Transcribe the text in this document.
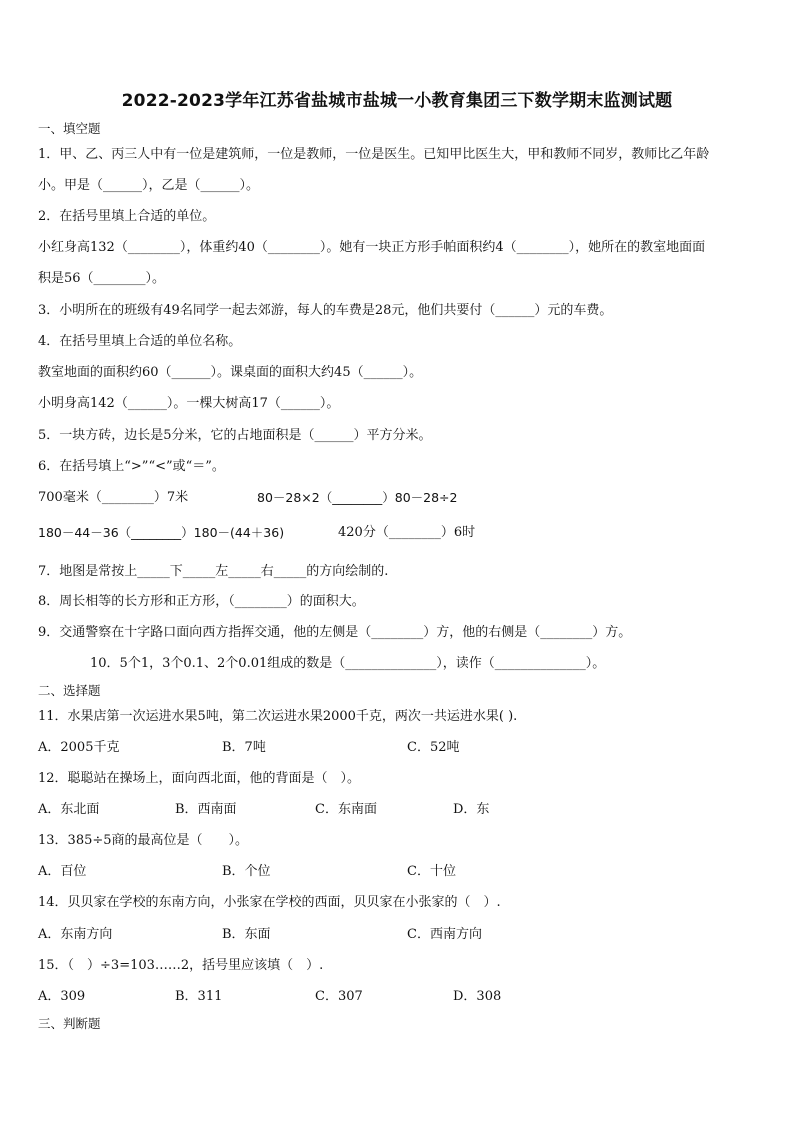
2022-2023学年江苏省盐城市盐城一小教育集团三下数学期末监测试题
一、填空题
1．甲、乙、丙三人中有一位是建筑师，一位是教师，一位是医生。已知甲比医生大，甲和教师不同岁，教师比乙年龄
小。甲是（______），乙是（______）。
2．在括号里填上合适的单位。
小红身高132（________），体重约40（________）。她有一块正方形手帕面积约4（________），她所在的教室地面面
积是56（________）。
3．小明所在的班级有49名同学一起去郊游，每人的车费是28元，他们共要付（______）元的车费。
4．在括号里填上合适的单位名称。
教室地面的面积约60（______）。课桌面的面积大约45（______）。
小明身高142（______）。一棵大树高17（______）。
5．一块方砖，边长是5分米，它的占地面积是（______）平方分米。
6．在括号填上“>”“<”或“＝”。
700毫米（________）7米	80－28×2（________）80－28÷2
180－44－36（________）180－(44＋36)	420分（________）6时
7．地图是常按上_____下_____左_____右_____的方向绘制的.
8．周长相等的长方形和正方形，（________）的面积大。
9．交通警察在十字路口面向西方指挥交通，他的左侧是（________）方，他的右侧是（________）方。
10．5个1，3个0.1、2个0.01组成的数是（______________），读作（______________）。
二、选择题
11．水果店第一次运进水果5吨，第二次运进水果2000千克，两次一共运进水果( ).
A．2005千克	B．7吨	C．52吨
12．聪聪站在操场上，面向西北面，他的背面是（　）。
A．东北面	B．西南面	C．东南面	D．东
13．385÷5商的最高位是（　　）。
A．百位	B．个位	C．十位
14．贝贝家在学校的东南方向，小张家在学校的西面，贝贝家在小张家的（　）.
A．东南方向	B．东面	C．西南方向
15．（　）÷3=103……2，括号里应该填（　）.
A．309	B．311	C．307	D．308
三、判断题
